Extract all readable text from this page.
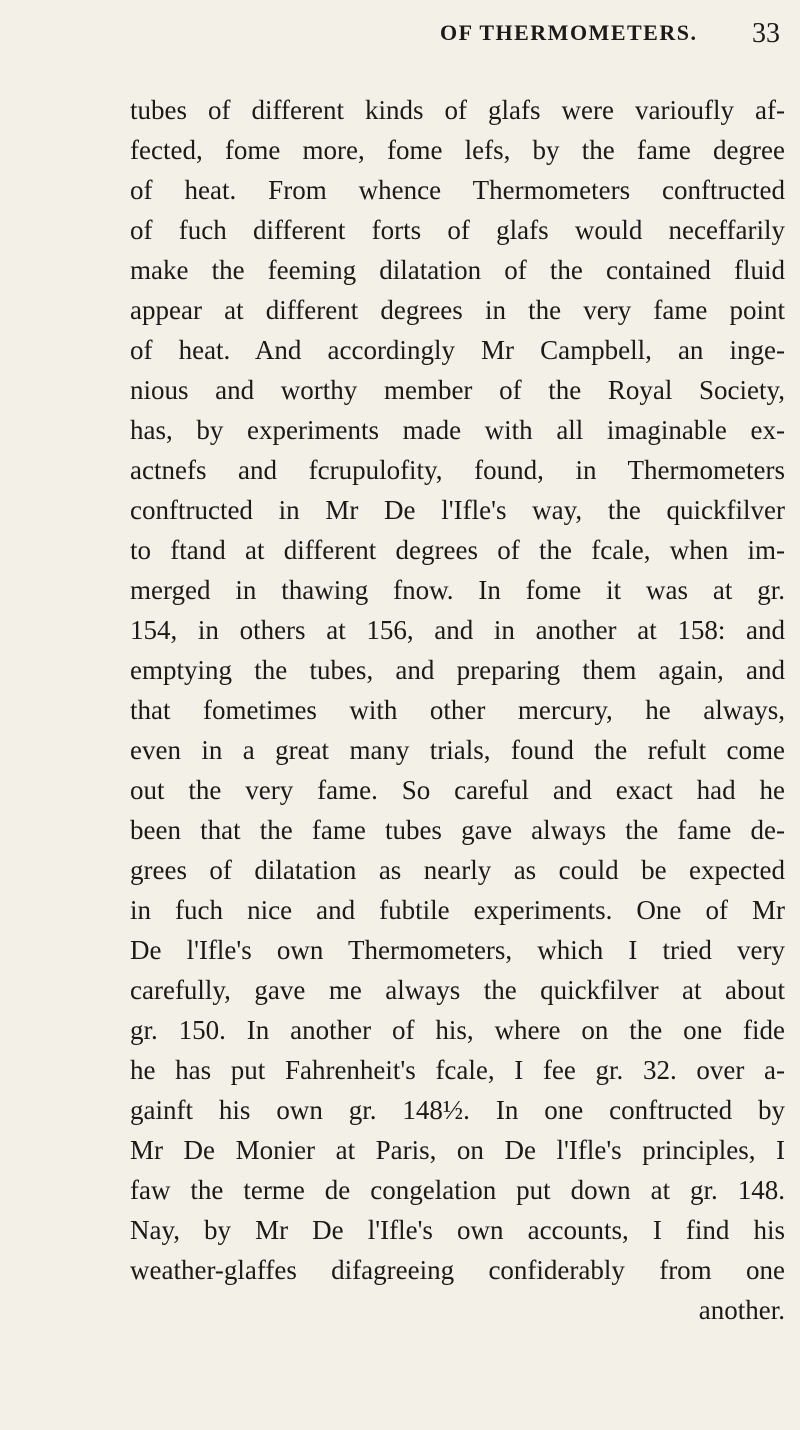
OF THERMOMETERS. 33
tubes of different kinds of glafs were varioufly af-
fected, fome more, fome lefs, by the fame degree
of heat. From whence Thermometers conftructed
of fuch different forts of glafs would neceffarily
make the feeming dilatation of the contained fluid
appear at different degrees in the very fame point
of heat. And accordingly Mr Campbell, an inge-
nious and worthy member of the Royal Society,
has, by experiments made with all imaginable ex-
actnefs and fcrupulofity, found, in Thermometers
conftructed in Mr De l'Ifle's way, the quickfilver
to ftand at different degrees of the fcale, when im-
merged in thawing fnow. In fome it was at gr.
154, in others at 156, and in another at 158: and
emptying the tubes, and preparing them again, and
that fometimes with other mercury, he always,
even in a great many trials, found the refult come
out the very fame. So careful and exact had he
been that the fame tubes gave always the fame de-
grees of dilatation as nearly as could be expected
in fuch nice and fubtile experiments. One of Mr
De l'Ifle's own Thermometers, which I tried very
carefully, gave me always the quickfilver at about
gr. 150. In another of his, where on the one fide
he has put Fahrenheit's fcale, I fee gr. 32. over a-
gainft his own gr. 148½. In one conftructed by
Mr De Monier at Paris, on De l'Ifle's principles, I
faw the terme de congelation put down at gr. 148.
Nay, by Mr De l'Ifle's own accounts, I find his
weather-glaffes difagreeing confiderably from one
another.
